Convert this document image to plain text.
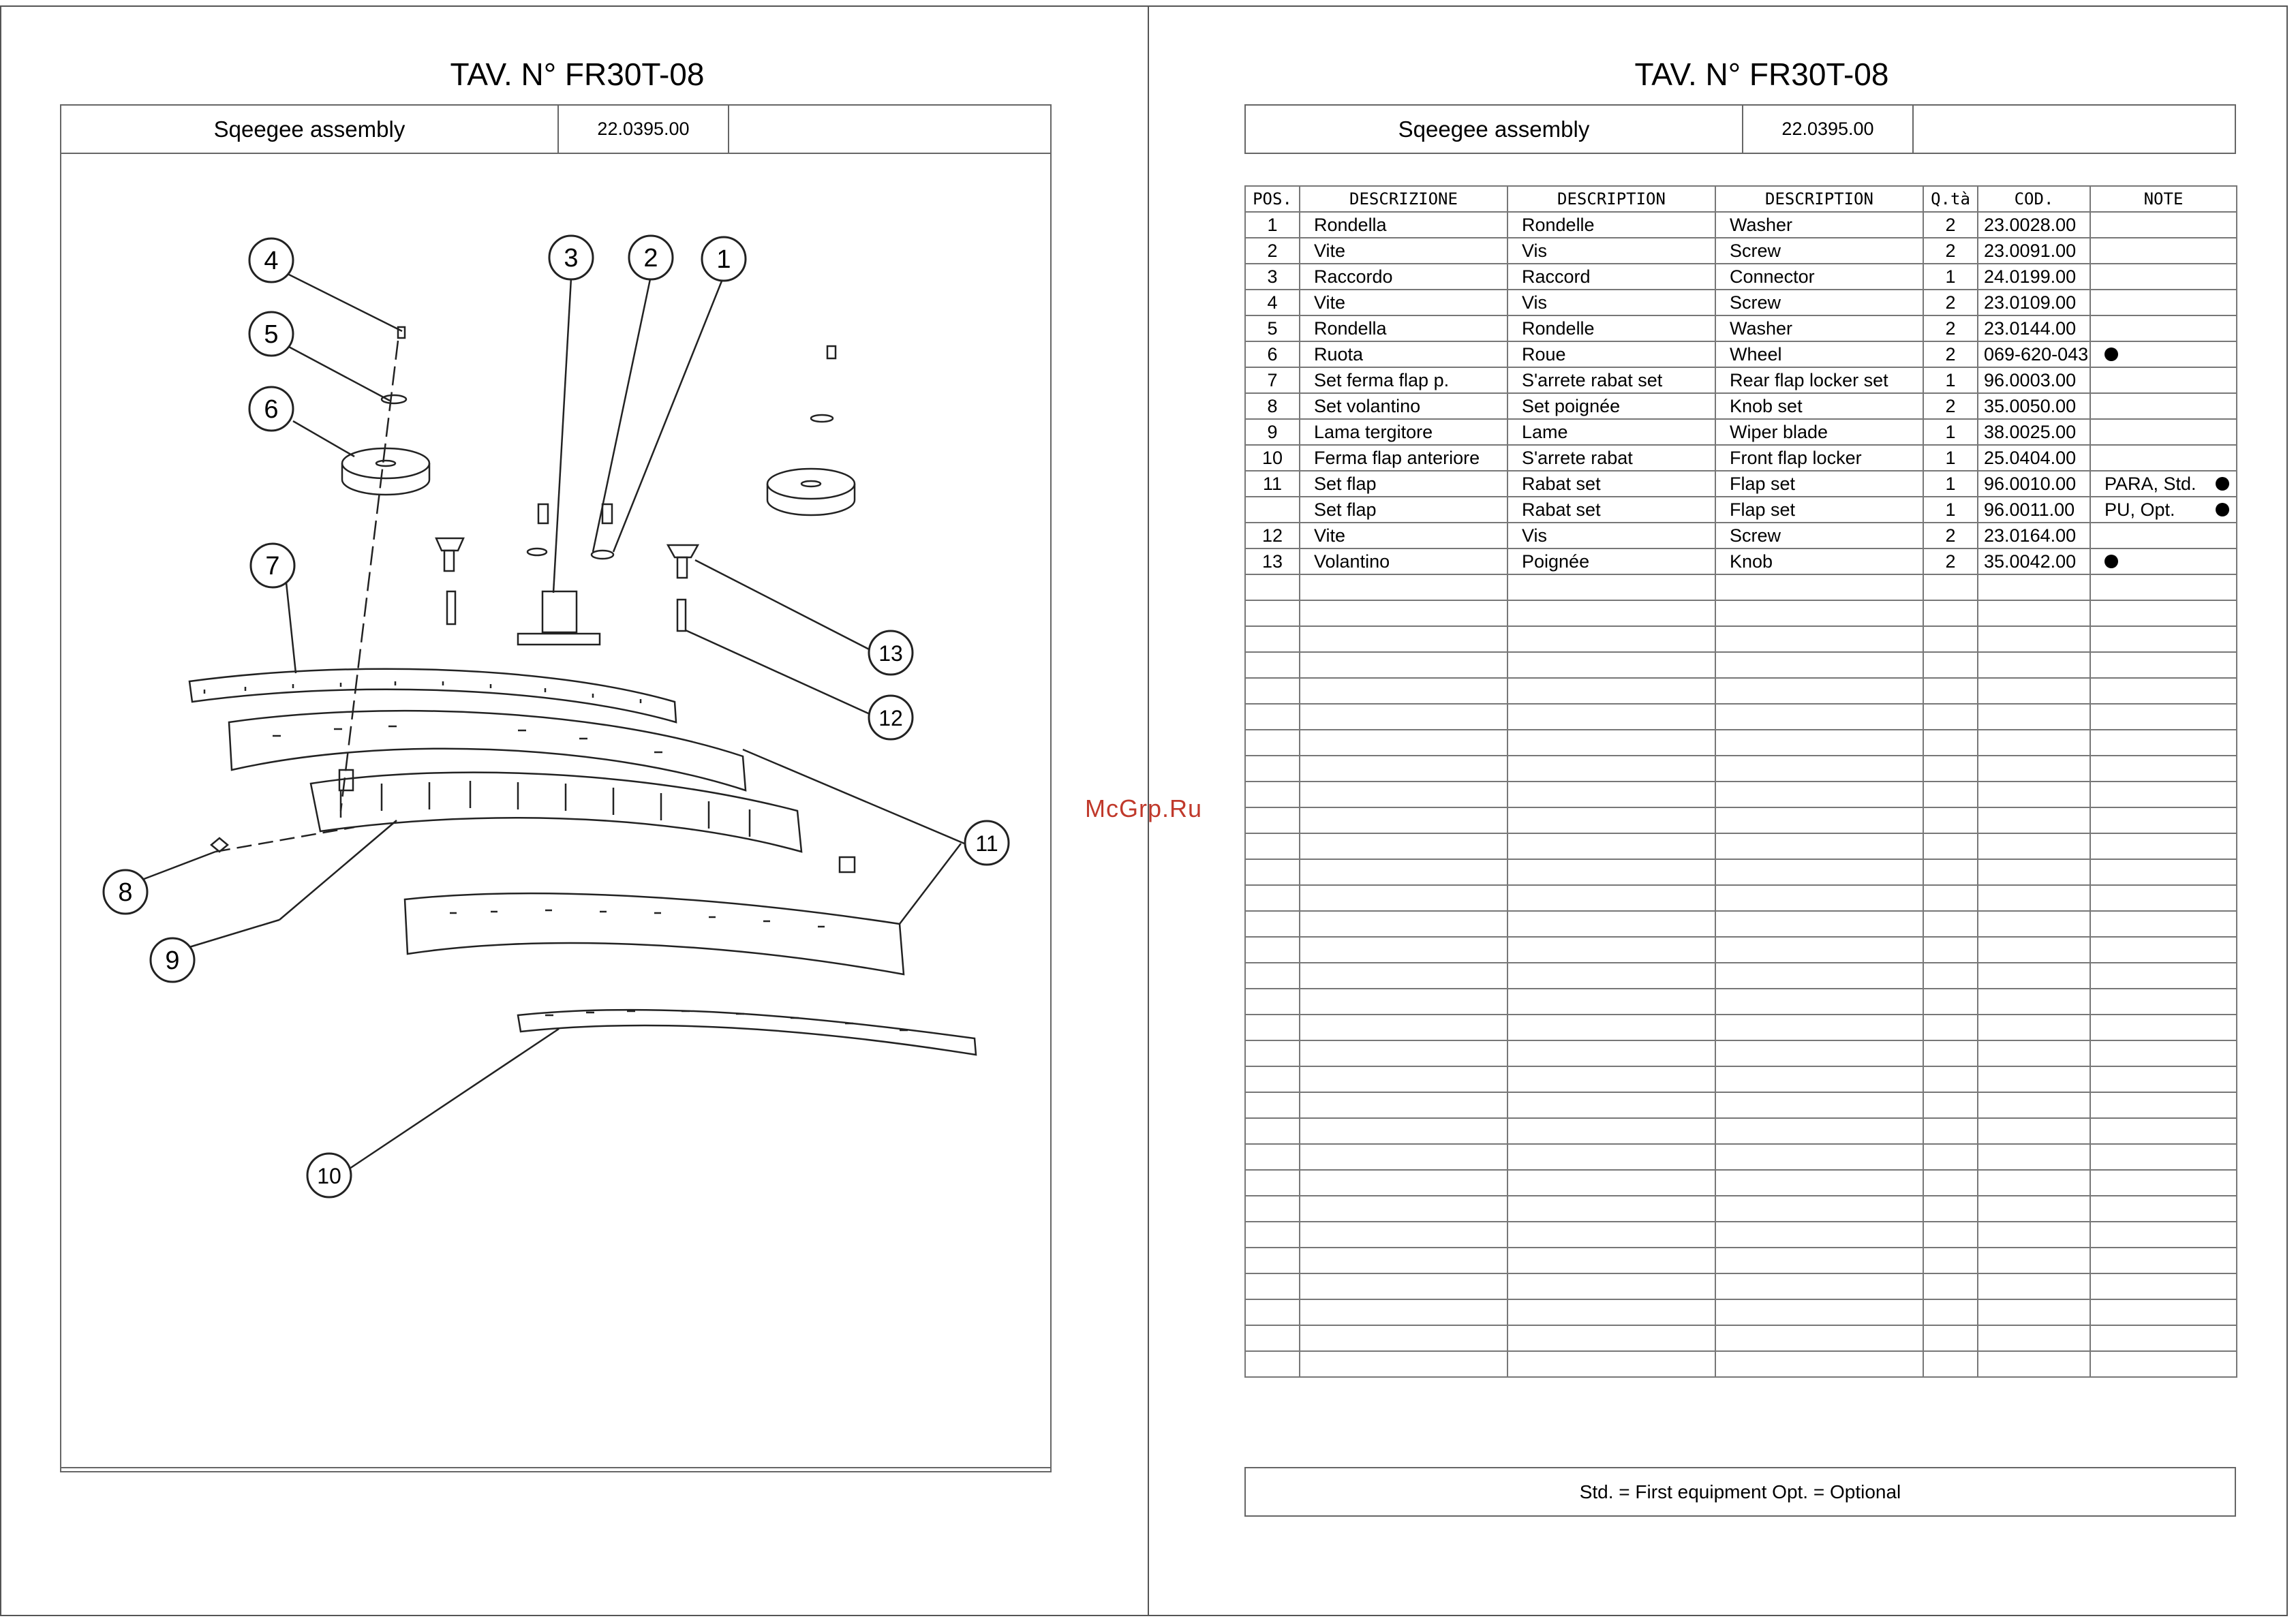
TAV. N° FR30T-08
Sqeegee assembly	22.0395.00
4
5
6
7
3	2 1
13
12
11
8
9
10
TAV. N° FR30T-08
Sqeegee assembly	22.0395.00
POS.	DESCRIZIONE	DESCRIPTION	DESCRIPTION	Q.tà	COD.	NOTE
1	Rondella	Rondelle	Washer	2	23.0028.00	
2	Vite	Vis	Screw	2	23.0091.00	
3	Raccordo	Raccord	Connector	1	24.0199.00	
4	Vite	Vis	Screw	2	23.0109.00	
5	Rondella	Rondelle	Washer	2	23.0144.00	
6	Ruota	Roue	Wheel	2	069-620-043	

7	Set ferma flap p.	S'arrete rabat set	Rear flap locker set	1	96.0003.00	
8	Set volantino	Set poignée	Knob set	2	35.0050.00	
9	Lama tergitore	Lame	Wiper blade	1	38.0025.00	
10	Ferma flap anteriore	S'arrete rabat	Front flap locker	1	25.0404.00	
11	Set flap	Rabat set	Flap set	1	96.0010.00	PARA, Std.

	Set flap	Rabat set	Flap set	1	96.0011.00	PU, Opt.

12	Vite	Vis	Screw	2	23.0164.00	
13	Volantino	Poignée	Knob	2	35.0042.00	

Std. = First equipment Opt. = Optional
McGrp.Ru
